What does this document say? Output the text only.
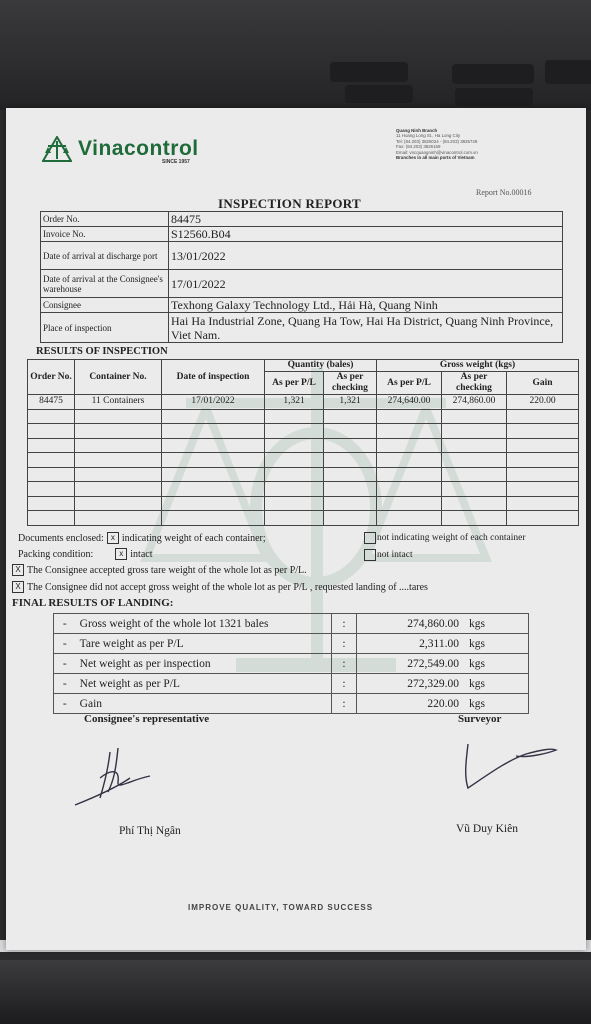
Vinacontrol
SINCE 1957
Quang Ninh Branch
11 Hoang Long St., Ha Long City
Tel: (84.203) 3825024 - (84.203) 3825749
Fax: (84.203) 3826169
Email: vncquangninh@vinacontrol.com.vn
Branches in all main ports of Vietnam
Report No.00016
INSPECTION REPORT
Order No.	84475
Invoice No.	S12560.B04
Date of arrival at discharge port	13/01/2022
Date of arrival at the Consignee's warehouse	17/01/2022
Consignee	Texhong Galaxy Technology Ltd., Hải Hà, Quang Ninh
Place of inspection	Hai Ha Industrial Zone, Quang Ha Tow, Hai Ha District, Quang Ninh Province, Viet Nam.
RESULTS OF INSPECTION
Order No.	Container No.	Date of inspection	Quantity (bales)		Gross weight (kgs)		
			As per P/L	As per checking	As per P/L	As per checking	Gain
84475	11 Containers	17/01/2022	1,321	1,321	274,640.00	274,860.00	220.00

Documents enclosed: x indicating weight of each container;	not indicating weight of each container
Packing condition:	x intact	not intact
X The Consignee accepted gross tare weight of the whole lot as per P/L.
X The Consignee did not accept gross weight of the whole lot as per P/L , requested landing of ....tares
FINAL RESULTS OF LANDING:
-	Gross weight of the whole lot 1321 bales	:	274,860.00	kgs
-	Tare weight as per P/L	:	2,311.00	kgs
-	Net weight as per inspection	:	272,549.00	kgs
-	Net weight as per P/L	:	272,329.00	kgs
-	Gain	:	220.00	kgs
Consignee's representative	Surveyor
Phí Thị Ngân	Vũ Duy Kiên
IMPROVE QUALITY, TOWARD SUCCESS
